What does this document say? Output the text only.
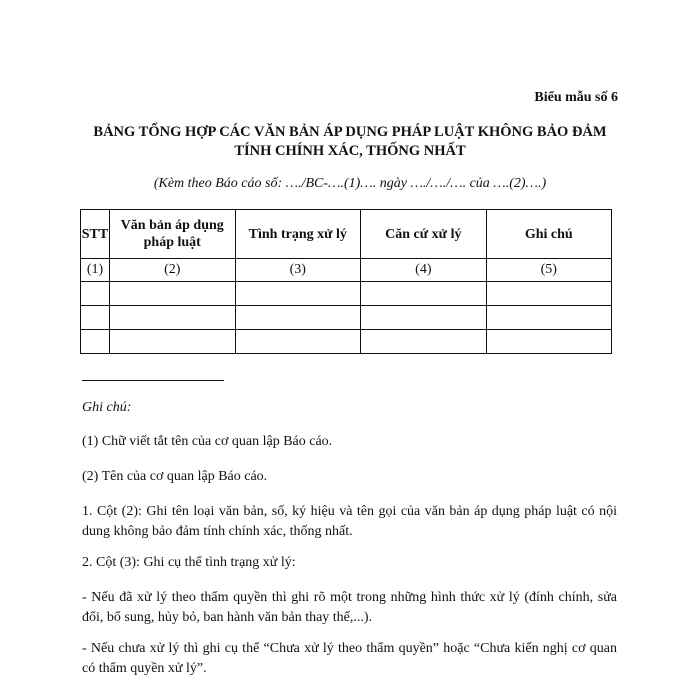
Biểu mẫu số 6
BẢNG TỔNG HỢP CÁC VĂN BẢN ÁP DỤNG PHÁP LUẬT KHÔNG BẢO ĐẢM
TÍNH CHÍNH XÁC, THỐNG NHẤT
(Kèm theo Báo cáo số: …./BC-….(1)…. ngày …./…./…. của ….(2)….)
STT	Văn bản áp dụng pháp luật	Tình trạng xử lý	Căn cứ xử lý	Ghi chú
(1)	(2)	(3)	(4)	(5)

Ghi chú:
(1) Chữ viết tắt tên của cơ quan lập Báo cáo.
(2) Tên của cơ quan lập Báo cáo.
1. Cột (2): Ghi tên loại văn bản, số, ký hiệu và tên gọi của văn bản áp dụng pháp luật có nội dung không bảo đảm tính chính xác, thống nhất.
2. Cột (3): Ghi cụ thể tình trạng xử lý:
- Nếu đã xử lý theo thẩm quyền thì ghi rõ một trong những hình thức xử lý (đính chính, sửa đổi, bổ sung, hủy bỏ, ban hành văn bản thay thế,...).
- Nếu chưa xử lý thì ghi cụ thể “Chưa xử lý theo thẩm quyền” hoặc “Chưa kiến nghị cơ quan có thẩm quyền xử lý”.
